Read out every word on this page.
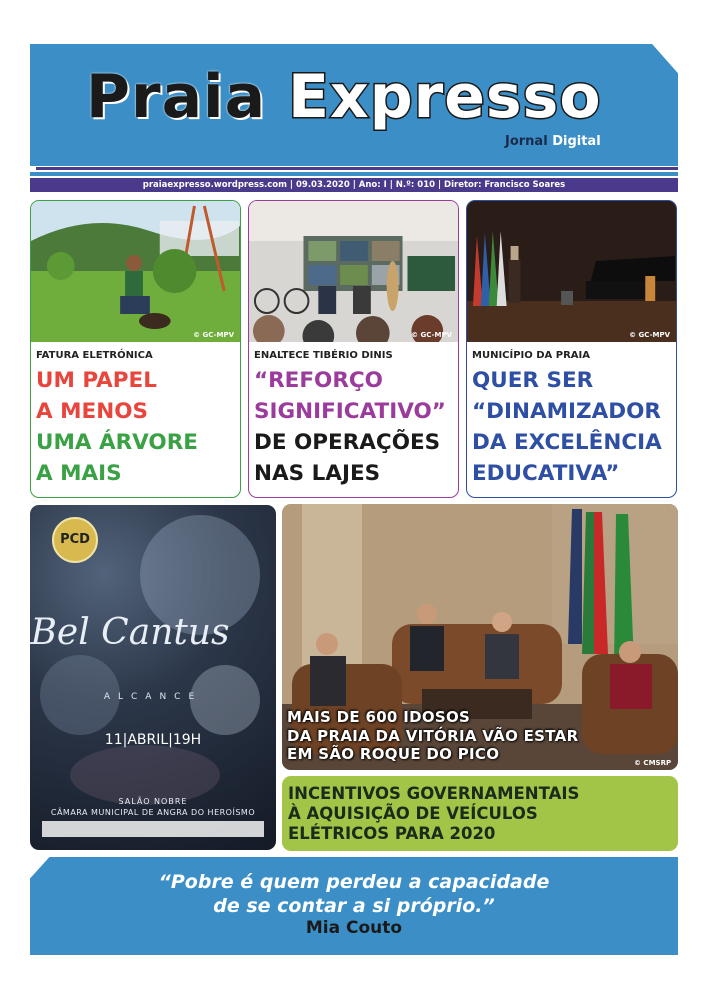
Praia Expresso
Jornal Digital
praiaexpresso.wordpress.com | 09.03.2020 | Ano: I | N.º: 010 | Diretor: Francisco Soares
© GC-MPV
FATURA ELETRÓNICA
UM PAPEL
A MENOS
UMA ÁRVORE
A MAIS
© GC-MPV
ENALTECE TIBÉRIO DINIS
“REFORÇO
SIGNIFICATIVO”
DE OPERAÇÕES
NAS LAJES
© GC-MPV
MUNICÍPIO DA PRAIA
QUER SER
“DINAMIZADOR
DA EXCELÊNCIA
EDUCATIVA”
PCD
Bel Cantus
ALCANCE
11|ABRIL|19H
SALÃO NOBRE
CÂMARA MUNICIPAL DE ANGRA DO HEROÍSMO
MAIS DE 600 IDOSOS
DA PRAIA DA VITÓRIA VÃO ESTAR
EM SÃO ROQUE DO PICO	© CMSRP
INCENTIVOS GOVERNAMENTAIS
À AQUISIÇÃO DE VEÍCULOS
ELÉTRICOS PARA 2020
“Pobre é quem perdeu a capacidade
de se contar a si próprio.”
Mia Couto
